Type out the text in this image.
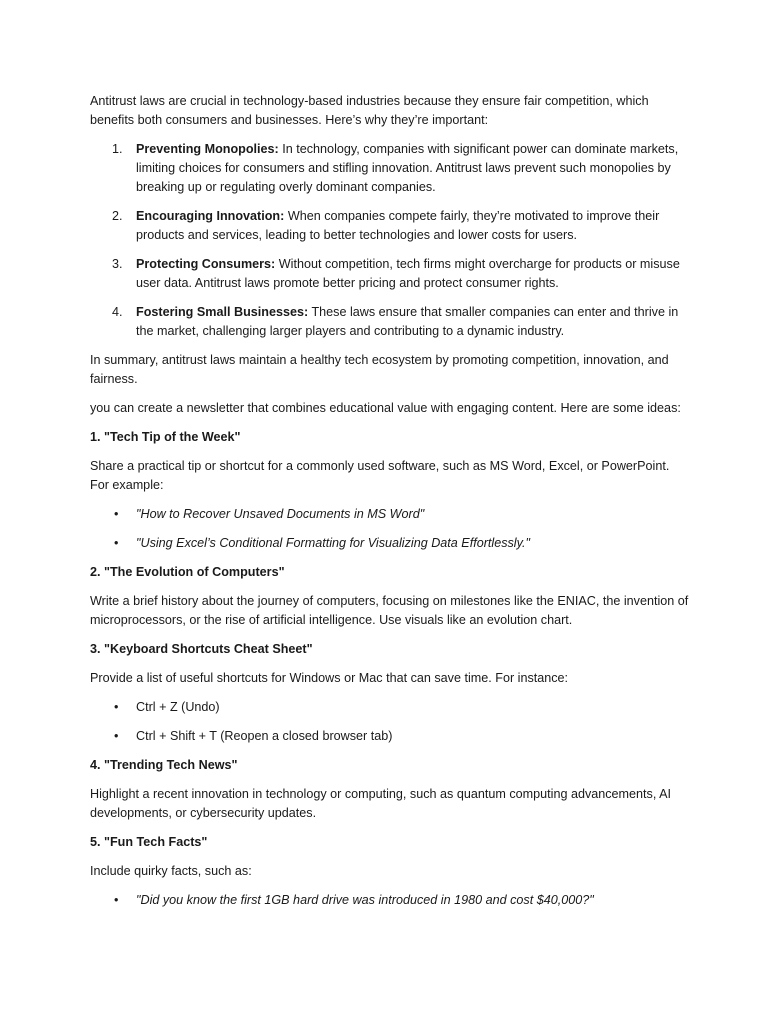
Antitrust laws are crucial in technology-based industries because they ensure fair competition, which benefits both consumers and businesses. Here’s why they’re important:

1. Preventing Monopolies: In technology, companies with significant power can dominate markets, limiting choices for consumers and stifling innovation. Antitrust laws prevent such monopolies by breaking up or regulating overly dominant companies.
2. Encouraging Innovation: When companies compete fairly, they’re motivated to improve their products and services, leading to better technologies and lower costs for users.
3. Protecting Consumers: Without competition, tech firms might overcharge for products or misuse user data. Antitrust laws promote better pricing and protect consumer rights.
4. Fostering Small Businesses: These laws ensure that smaller companies can enter and thrive in the market, challenging larger players and contributing to a dynamic industry.

In summary, antitrust laws maintain a healthy tech ecosystem by promoting competition, innovation, and fairness.

you can create a newsletter that combines educational value with engaging content. Here are some ideas:

1. "Tech Tip of the Week"

Share a practical tip or shortcut for a commonly used software, such as MS Word, Excel, or PowerPoint. For example:

• "How to Recover Unsaved Documents in MS Word"
• "Using Excel’s Conditional Formatting for Visualizing Data Effortlessly."
2. "The Evolution of Computers"

Write a brief history about the journey of computers, focusing on milestones like the ENIAC, the invention of microprocessors, or the rise of artificial intelligence. Use visuals like an evolution chart.

3. "Keyboard Shortcuts Cheat Sheet"

Provide a list of useful shortcuts for Windows or Mac that can save time. For instance:

• Ctrl + Z (Undo)
• Ctrl + Shift + T (Reopen a closed browser tab)
4. "Trending Tech News"

Highlight a recent innovation in technology or computing, such as quantum computing advancements, AI developments, or cybersecurity updates.

5. "Fun Tech Facts"

Include quirky facts, such as:

• "Did you know the first 1GB hard drive was introduced in 1980 and cost $40,000?"
